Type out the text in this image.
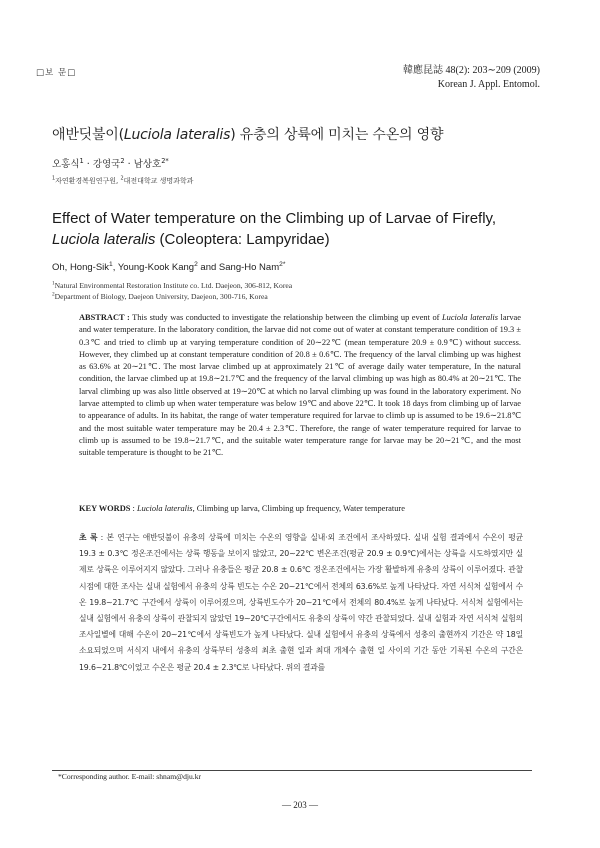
□보 문□	韓應昆誌 48(2): 203∼209 (2009)
Korean J. Appl. Entomol.
애반딧불이(Luciola lateralis) 유충의 상륙에 미치는 수온의 영향
오홍식$^1$ · 강영국$^2$ · 남상호$^{2*}$
$^1$자연환경복원연구원, $^2$대전대학교 생명과학과
Effect of Water temperature on the Climbing up of Larvae of Firefly,
Luciola lateralis (Coleoptera: Lampyridae)
Oh, Hong-Sik$^1$, Young-Kook Kang$^2$ and Sang-Ho Nam$^{2*}$
$^1$Natural Environmental Restoration Institute co. Ltd. Daejeon, 306-812, Korea
$^2$Department of Biology, Daejeon University, Daejeon, 300-716, Korea
ABSTRACT : This study was conducted to investigate the relationship between the climbing up event of Luciola lateralis larvae and water temperature. In the laboratory condition, the larvae did not come out of water at constant temperature condition of 19.3 ± 0.3℃ and tried to climb up at varying temperature condition of 20∼22℃ (mean temperature 20.9 ± 0.9℃) without success. However, they climbed up at constant temperature condition of 20.8 ± 0.6℃. The frequency of the larval climbing up was highest as 63.6% at 20∼21℃. The most larvae climbed up at approximately 21℃ of average daily water temperature, In the natural condition, the larvae climbed up at 19.8∼21.7℃ and the frequency of the larval climbing up was high as 80.4% at 20∼21℃. The larval climbing up was also little observed at 19∼20℃ at which no larval climbing up was found in the laboratory experiment. No larvae attempted to climb up when water temperature was below 19℃ and above 22℃. It took 18 days from climbing up of larvae to appearance of adults. In its habitat, the range of water temperature required for larvae to climb up is assumed to be 19.6∼21.8℃ and the most suitable water temperature may be 20.4 ± 2.3℃. Therefore, the range of water temperature required for larvae to climb up is assumed to be 19.8∼21.7℃, and the suitable water temperature range for larvae may be 20∼21℃, and the most suitable temperature is thought to be 21℃.
KEY WORDS : Luciola lateralis, Climbing up larva, Climbing up frequency, Water temperature
초 록 : 본 연구는 애반딧불이 유충의 상륙에 미치는 수온의 영향을 실내·외 조건에서 조사하였다. 실내 실험 결과에서 수온이 평균 19.3 ± 0.3℃ 정온조건에서는 상륙 행동을 보이지 않았고, 20∼22℃ 변온조건(평균 20.9 ± 0.9℃)에서는 상륙을 시도하였지만 실제로 상륙은 이루어지지 않았다. 그러나 유충들은 평균 20.8 ± 0.6℃ 정온조건에서는 가장 활발하게 유충의 상륙이 이루어졌다. 관찰 시점에 대한 조사는 실내 실험에서 유충의 상륙 빈도는 수온 20∼21℃에서 전체의 63.6%로 높게 나타났다. 자연 서식처 실험에서 수온 19.8∼21.7℃ 구간에서 상륙이 이루어졌으며, 상륙빈도수가 20∼21℃에서 전체의 80.4%로 높게 나타났다. 서식처 실험에서는 실내 실험에서 유충의 상륙이 관찰되지 않았던 19∼20℃구간에서도 유충의 상륙이 약간 관찰되었다. 실내 실험과 자연 서식처 실험의 조사일별에 대해 수온이 20∼21℃에서 상륙빈도가 높게 나타났다. 실내 실험에서 유충의 상륙에서 성충의 출현까지 기간은 약 18일 소요되었으며 서식지 내에서 유충의 상륙부터 성충의 최초 출현 일과 최대 개체수 출현 일 사이의 기간 동안 기록된 수온의 구간은 19.6∼21.8℃이었고 수온은 평균 20.4 ± 2.3℃로 나타났다. 위의 결과를
*Corresponding author. E-mail: shnam@dju.kr
— 203 —
